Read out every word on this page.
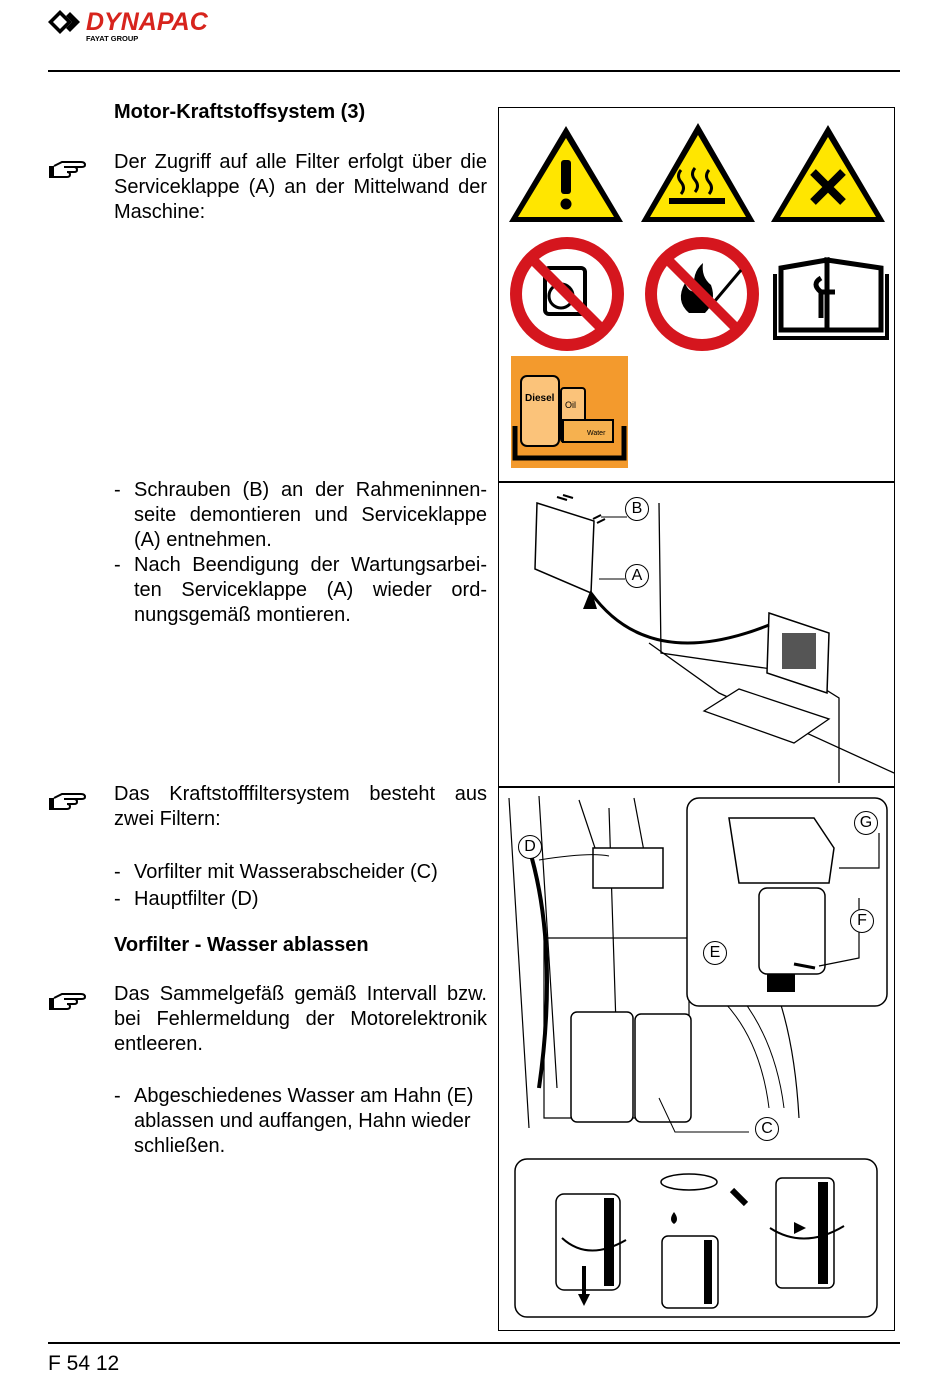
DYNAPAC
FAYAT GROUP
Motor-Kraftstoffsystem (3)
Der Zugriff auf alle Filter erfolgt über die Serviceklappe (A) an der Mittelwand der Maschine:
- Schrauben (B) an der Rahmeninnen-seite demontieren und Serviceklappe (A) entnehmen.
- Nach Beendigung der Wartungsarbei-ten Serviceklappe (A) wieder ord-nungsgemäß montieren.
Das Kraftstofffiltersystem besteht aus zwei Filtern:
- Vorfilter mit Wasserabscheider (C)
- Hauptfilter (D)
Vorfilter - Wasser ablassen
Das Sammelgefäß gemäß Intervall bzw. bei Fehlermeldung der Motorelektronik entleeren.
- Abgeschiedenes Wasser am Hahn (E) ablassen und auffangen, Hahn wieder schließen.
Diesel
Oil
Water
B
A
D
G
F
E
C
F 54 12
